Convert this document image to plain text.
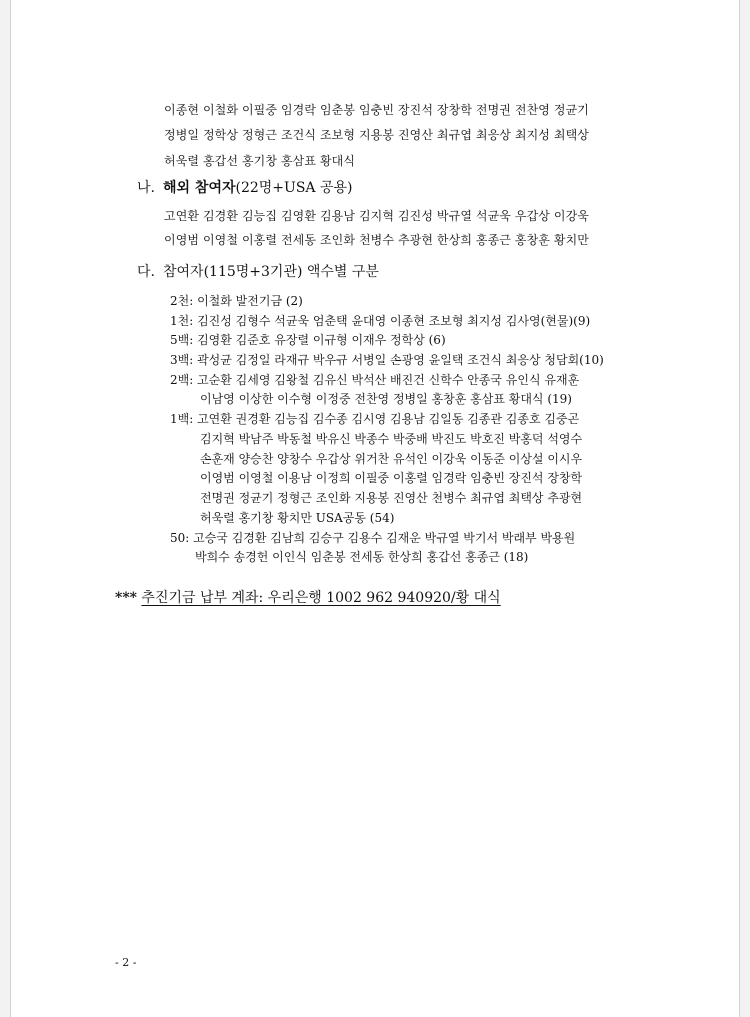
이종현 이철화 이필중 임경락 임춘봉 임충빈 장진석 장창학 전명권 전찬영 정균기
정병일 정학상 정형근 조건식 조보형 지용봉 진영산 최규엽 최응상 최지성 최택상
허욱렬 홍갑선 홍기창 홍삼표 황대식
나. 해외 참여자(22명+USA 공용)
고연환 김경환 김능집 김영환 김용남 김지혁 김진성 박규열 석균욱 우갑상 이강욱
이영범 이영철 이홍렬 전세동 조인화 천병수 추광현 한상희 홍종근 홍창훈 황치만
다. 참여자(115명+3기관) 액수별 구분
2천: 이철화 발전기금 (2)
1천: 김진성 김형수 석균욱 엄춘택 윤대영 이종현 조보형 최지성 김사영(현물)(9)
5백: 김영환 김준호 유장렬 이규형 이재우 정학상 (6)
3백: 곽성균 김정일 라재규 박우규 서병일 손광영 윤일택 조건식 최응상 청담회(10)
2백: 고순환 김세영 김왕철 김유신 박석산 배진건 신학수 안종국 유인식 유재훈
이남영 이상한 이수형 이정중 전찬영 정병일 홍창훈 홍삼표 황대식 (19)
1백: 고연환 권경환 김능집 김수종 김시영 김용남 김일동 김종관 김종호 김중곤
김지혁 박남주 박동철 박유신 박종수 박중배 박진도 박호진 박홍덕 석영수
손훈재 양승찬 양창수 우갑상 위거찬 유석인 이강욱 이동준 이상설 이시우
이영범 이영철 이용남 이정희 이필중 이홍렬 임경락 임충빈 장진석 장창학
전명권 정균기 정형근 조인화 지용봉 진영산 천병수 최규엽 최택상 추광현
허욱렬 홍기창 황치만 USA공동 (54)
50: 고승국 김경환 김남희 김승구 김용수 김재운 박규열 박기서 박래부 박용원
박희수 송경헌 이인식 임춘봉 전세동 한상희 홍갑선 홍종근 (18)
*** 추진기금 납부 계좌: 우리은행 1002 962 940920/황 대식
- 2 -
